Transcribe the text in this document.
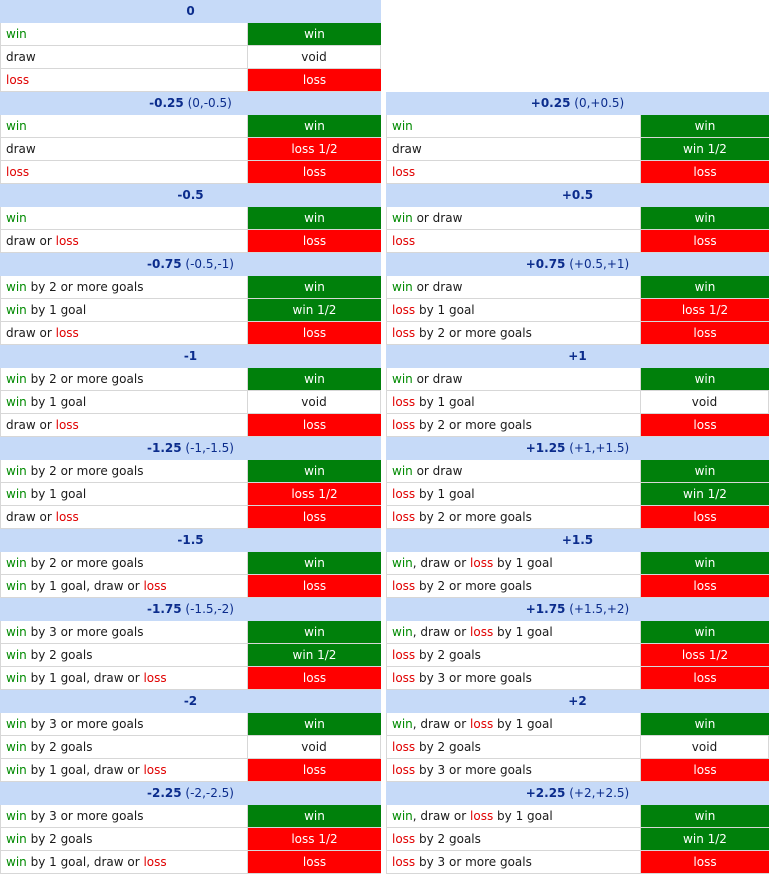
0
win	win
draw	void
loss	loss
-0.25 (0,-0.5)
win	win
draw	loss 1/2
loss	loss
-0.5
win	win
draw or loss	loss
-0.75 (-0.5,-1)
win by 2 or more goals	win
win by 1 goal	win 1/2
draw or loss	loss
-1
win by 2 or more goals	win
win by 1 goal	void
draw or loss	loss
-1.25 (-1,-1.5)
win by 2 or more goals	win
win by 1 goal	loss 1/2
draw or loss	loss
-1.5
win by 2 or more goals	win
win by 1 goal, draw or loss	loss
-1.75 (-1.5,-2)
win by 3 or more goals	win
win by 2 goals	win 1/2
win by 1 goal, draw or loss	loss
-2
win by 3 or more goals	win
win by 2 goals	void
win by 1 goal, draw or loss	loss
-2.25 (-2,-2.5)
win by 3 or more goals	win
win by 2 goals	loss 1/2
win by 1 goal, draw or loss	loss
+0.25 (0,+0.5)
win	win
draw	win 1/2
loss	loss
+0.5
win or draw	win
loss	loss
+0.75 (+0.5,+1)
win or draw	win
loss by 1 goal	loss 1/2
loss by 2 or more goals	loss
+1
win or draw	win
loss by 1 goal	void
loss by 2 or more goals	loss
+1.25 (+1,+1.5)
win or draw	win
loss by 1 goal	win 1/2
loss by 2 or more goals	loss
+1.5
win, draw or loss by 1 goal	win
loss by 2 or more goals	loss
+1.75 (+1.5,+2)
win, draw or loss by 1 goal	win
loss by 2 goals	loss 1/2
loss by 3 or more goals	loss
+2
win, draw or loss by 1 goal	win
loss by 2 goals	void
loss by 3 or more goals	loss
+2.25 (+2,+2.5)
win, draw or loss by 1 goal	win
loss by 2 goals	win 1/2
loss by 3 or more goals	loss
